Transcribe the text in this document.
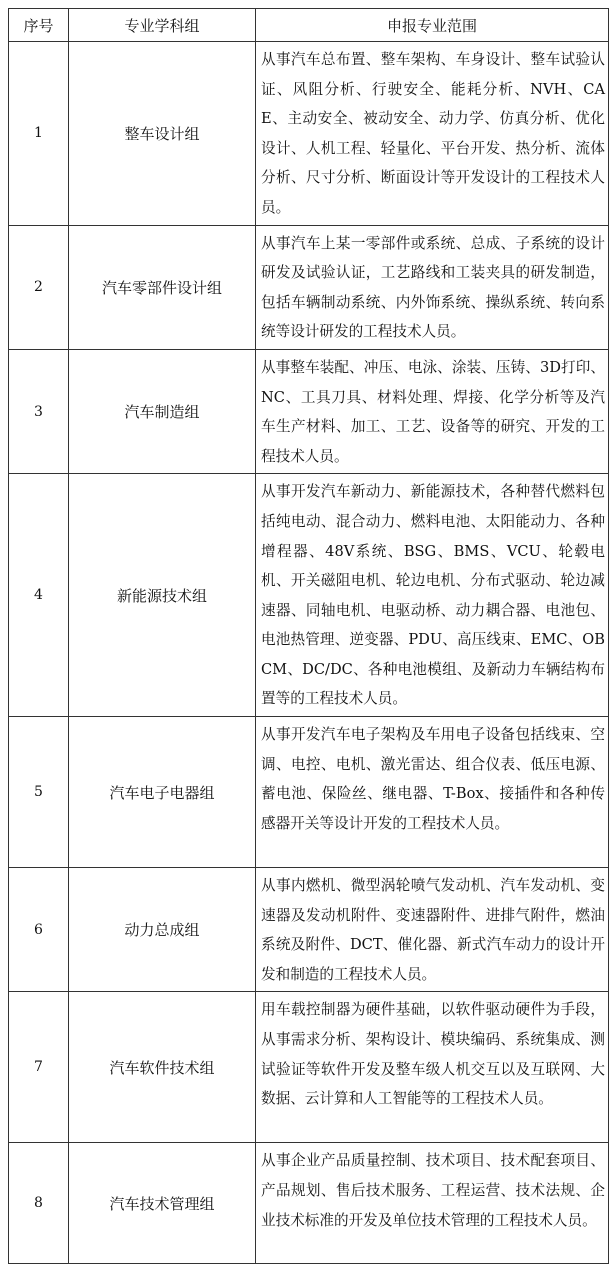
序号	专业学科组	申报专业范围
1	整车设计组	从事汽车总布置、整车架构、车身设计、整车试验认证、风阻分析、行驶安全、能耗分析、NVH、CAE、主动安全、被动安全、动力学、仿真分析、优化设计、人机工程、轻量化、平台开发、热分析、流体分析、尺寸分析、断面设计等开发设计的工程技术人员。
2	汽车零部件设计组	从事汽车上某一零部件或系统、总成、子系统的设计研发及试验认证，工艺路线和工装夹具的研发制造，包括车辆制动系统、内外饰系统、操纵系统、转向系统等设计研发的工程技术人员。
3	汽车制造组	从事整车装配、冲压、电泳、涂装、压铸、3D打印、NC、工具刀具、材料处理、焊接、化学分析等及汽车生产材料、加工、工艺、设备等的研究、开发的工程技术人员。
4	新能源技术组	从事开发汽车新动力、新能源技术，各种替代燃料包括纯电动、混合动力、燃料电池、太阳能动力、各种增程器、48V系统、BSG、BMS、VCU、轮毂电机、开关磁阻电机、轮边电机、分布式驱动、轮边减速器、同轴电机、电驱动桥、动力耦合器、电池包、电池热管理、逆变器、PDU、高压线束、EMC、OBCM、DC/DC、各种电池模组、及新动力车辆结构布置等的工程技术人员。
5	汽车电子电器组	从事开发汽车电子架构及车用电子设备包括线束、空调、电控、电机、激光雷达、组合仪表、低压电源、蓄电池、保险丝、继电器、T-Box、接插件和各种传感器开关等设计开发的工程技术人员。
6	动力总成组	从事内燃机、微型涡轮喷气发动机、汽车发动机、变速器及发动机附件、变速器附件、进排气附件，燃油系统及附件、DCT、催化器、新式汽车动力的设计开发和制造的工程技术人员。
7	汽车软件技术组	用车载控制器为硬件基础，以软件驱动硬件为手段，从事需求分析、架构设计、模块编码、系统集成、测试验证等软件开发及整车级人机交互以及互联网、大数据、云计算和人工智能等的工程技术人员。
8	汽车技术管理组	从事企业产品质量控制、技术项目、技术配套项目、产品规划、售后技术服务、工程运营、技术法规、企业技术标准的开发及单位技术管理的工程技术人员。
